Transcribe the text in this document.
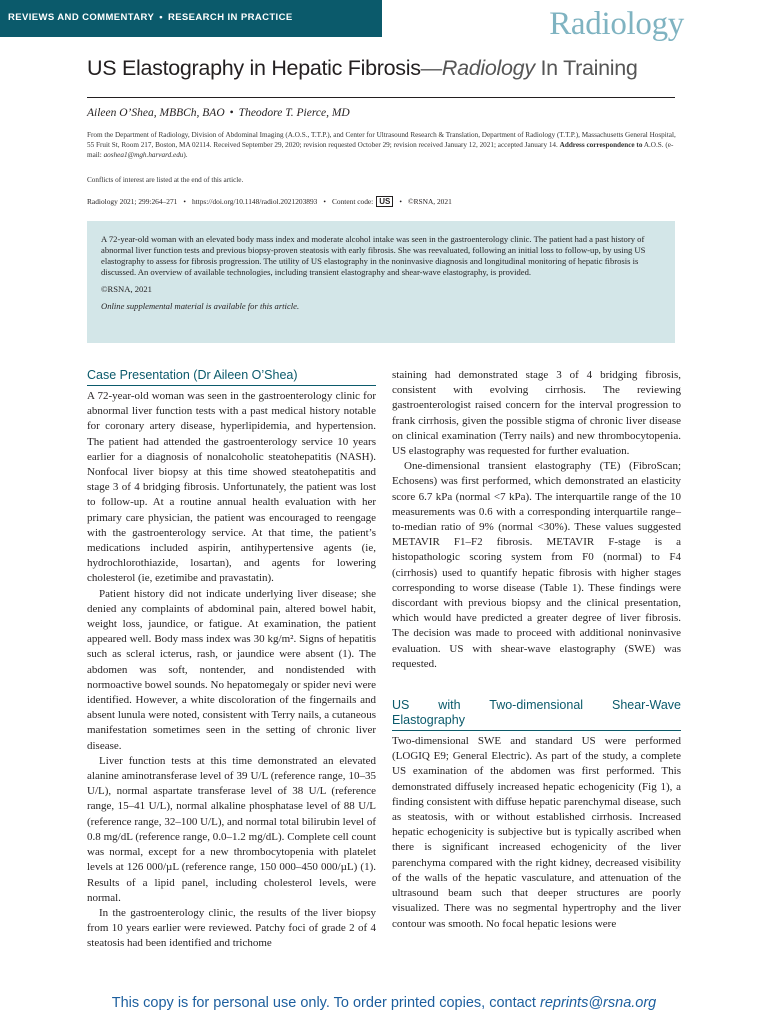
REVIEWS AND COMMENTARY • RESEARCH IN PRACTICE	Radiology
US Elastography in Hepatic Fibrosis—Radiology In Training
Aileen O’Shea, MBBCh, BAO • Theodore T. Pierce, MD
From the Department of Radiology, Division of Abdominal Imaging (A.O.S., T.T.P.), and Center for Ultrasound Research & Translation, Department of Radiology (T.T.P.), Massachusetts General Hospital, 55 Fruit St, Room 217, Boston, MA 02114. Received September 29, 2020; revision requested October 29; revision received January 12, 2021; accepted January 14. Address correspondence to A.O.S. (e-mail: aoshea1@mgh.harvard.edu).
Conflicts of interest are listed at the end of this article.
Radiology 2021; 299:264–271 • https://doi.org/10.1148/radiol.2021203893 • Content code: US	• ©RSNA, 2021

A 72-year-old woman with an elevated body mass index and moderate alcohol intake was seen in the gastroenterology clinic. The patient had a past history of abnormal liver function tests and previous biopsy-proven steatosis with early fibrosis. She was reevaluated, following an initial loss to follow-up, by using US elastography to assess for fibrosis progression. The utility of US elastography in the noninvasive diagnosis and longitudinal monitoring of hepatic fibrosis is discussed. An overview of available technologies, including transient elastography and shear-wave elastography, is provided.

©RSNA, 2021

Online supplemental material is available for this article.

Case Presentation (Dr Aileen O’Shea)

A 72-year-old woman was seen in the gastroenterology clinic for abnormal liver function tests with a past medical history notable for coronary artery disease, hyperlipidemia, and hypertension. The patient had attended the gastroenterology service 10 years earlier for a diagnosis of nonalcoholic steatohepatitis (NASH). Nonfocal liver biopsy at this time showed steatohepatitis and stage 3 of 4 bridging fibrosis. Unfortunately, the patient was lost to follow-up. At a routine annual health evaluation with her primary care physician, the patient was encouraged to reengage with the gastroenterology service. At that time, the patient’s medications included aspirin, antihypertensive agents (ie, hydrochlorothiazide, losartan), and agents for lowering cholesterol (ie, ezetimibe and pravastatin).

Patient history did not indicate underlying liver disease; she denied any complaints of abdominal pain, altered bowel habit, weight loss, jaundice, or fatigue. At examination, the patient appeared well. Body mass index was 30 kg/m². Signs of hepatitis such as scleral icterus, rash, or jaundice were absent (1). The abdomen was soft, nontender, and nondistended with normoactive bowel sounds. No hepatomegaly or spider nevi were identified. However, a white discoloration of the fingernails and absent lunula were noted, consistent with Terry nails, a cutaneous manifestation sometimes seen in the setting of chronic liver disease.

Liver function tests at this time demonstrated an elevated alanine aminotransferase level of 39 U/L (reference range, 10–35 U/L), normal aspartate transferase level of 38 U/L (reference range, 15–41 U/L), normal alkaline phosphatase level of 88 U/L (reference range, 32–100 U/L), and normal total bilirubin level of 0.8 mg/dL (reference range, 0.0–1.2 mg/dL). Complete cell count was normal, except for a new thrombocytopenia with platelet levels at 126 000/µL (reference range, 150 000–450 000/µL) (1). Results of a lipid panel, including cholesterol levels, were normal.

In the gastroenterology clinic, the results of the liver biopsy from 10 years earlier were reviewed. Patchy foci of grade 2 of 4 steatosis had been identified and trichome

staining had demonstrated stage 3 of 4 bridging fibrosis, consistent with evolving cirrhosis. The reviewing gastroenterologist raised concern for the interval progression to frank cirrhosis, given the possible stigma of chronic liver disease on clinical examination (Terry nails) and new thrombocytopenia. US elastography was requested for further evaluation.

One-dimensional transient elastography (TE) (FibroScan; Echosens) was first performed, which demonstrated an elasticity score 6.7 kPa (normal <7 kPa). The interquartile range of the 10 measurements was 0.6 with a corresponding interquartile range–to-median ratio of 9% (normal <30%). These values suggested METAVIR F1–F2 fibrosis. METAVIR F-stage is a histopathologic scoring system from F0 (normal) to F4 (cirrhosis) used to quantify hepatic fibrosis with higher stages corresponding to worse disease (Table 1). These findings were discordant with previous biopsy and the clinical presentation, which would have predicted a greater degree of liver fibrosis. The decision was made to proceed with additional noninvasive evaluation. US with shear-wave elastography (SWE) was requested.

US with Two-dimensional Shear-Wave Elastography

Two-dimensional SWE and standard US were performed (LOGIQ E9; General Electric). As part of the study, a complete US examination of the abdomen was first performed. This demonstrated diffusely increased hepatic echogenicity (Fig 1), a finding consistent with diffuse hepatic parenchymal disease, such as steatosis, with or without established cirrhosis. Increased hepatic echogenicity is subjective but is typically ascribed when there is significant increased echogenicity of the liver parenchyma compared with the right kidney, decreased visibility of the walls of the hepatic vasculature, and attenuation of the ultrasound beam such that deeper structures are poorly visualized. There was no segmental hypertrophy and the liver contour was smooth. No focal hepatic lesions were

This copy is for personal use only. To order printed copies, contact reprints@rsna.org
